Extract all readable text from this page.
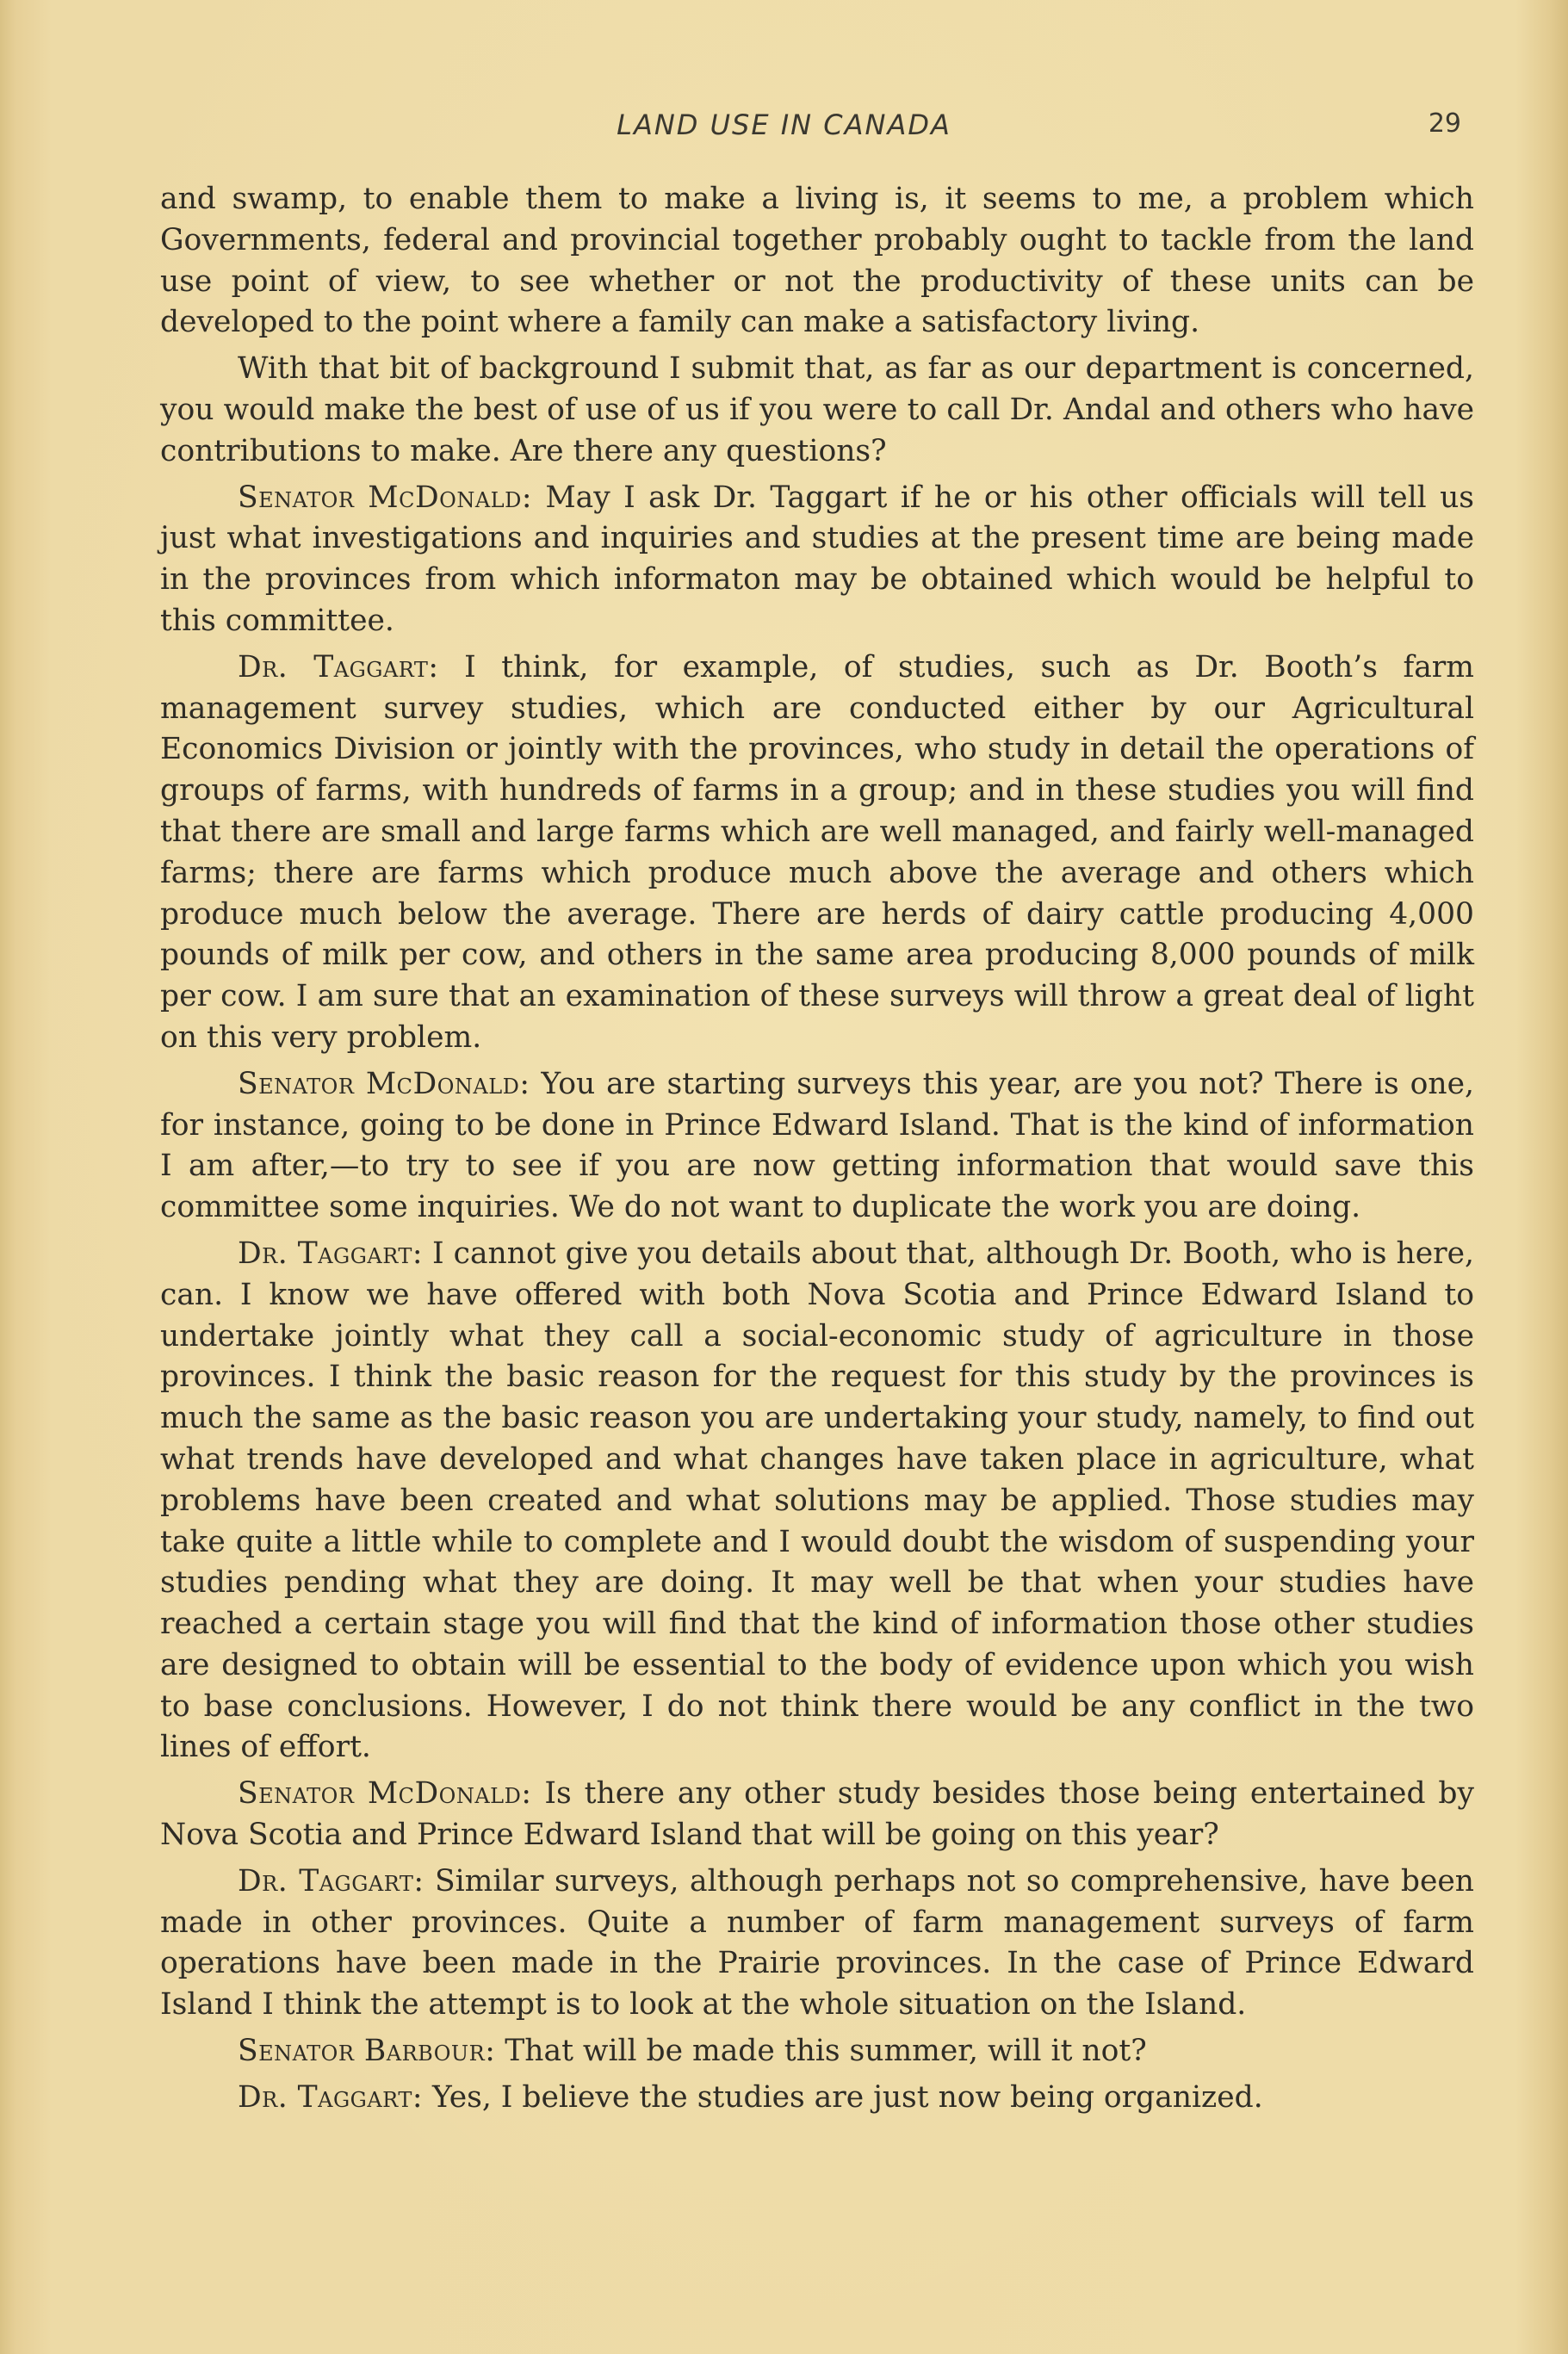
LAND USE IN CANADA	29

and swamp, to enable them to make a living is, it seems to me, a problem which Governments, federal and provincial together probably ought to tackle from the land use point of view, to see whether or not the productivity of these units can be developed to the point where a family can make a satisfactory living.

With that bit of background I submit that, as far as our department is concerned, you would make the best of use of us if you were to call Dr. Andal and others who have contributions to make. Are there any questions?

Senator McDonald: May I ask Dr. Taggart if he or his other officials will tell us just what investigations and inquiries and studies at the present time are being made in the provinces from which informaton may be obtained which would be helpful to this committee.

Dr. Taggart: I think, for example, of studies, such as Dr. Booth’s farm management survey studies, which are conducted either by our Agricultural Economics Division or jointly with the provinces, who study in detail the operations of groups of farms, with hundreds of farms in a group; and in these studies you will find that there are small and large farms which are well managed, and fairly well-managed farms; there are farms which produce much above the average and others which produce much below the average. There are herds of dairy cattle producing 4,000 pounds of milk per cow, and others in the same area producing 8,000 pounds of milk per cow. I am sure that an examination of these surveys will throw a great deal of light on this very problem.

Senator McDonald: You are starting surveys this year, are you not? There is one, for instance, going to be done in Prince Edward Island. That is the kind of information I am after,—to try to see if you are now getting information that would save this committee some inquiries. We do not want to duplicate the work you are doing.

Dr. Taggart: I cannot give you details about that, although Dr. Booth, who is here, can. I know we have offered with both Nova Scotia and Prince Edward Island to undertake jointly what they call a social-economic study of agriculture in those provinces. I think the basic reason for the request for this study by the provinces is much the same as the basic reason you are undertaking your study, namely, to find out what trends have developed and what changes have taken place in agriculture, what problems have been created and what solutions may be applied. Those studies may take quite a little while to complete and I would doubt the wisdom of suspending your studies pending what they are doing. It may well be that when your studies have reached a certain stage you will find that the kind of information those other studies are designed to obtain will be essential to the body of evidence upon which you wish to base conclusions. However, I do not think there would be any conflict in the two lines of effort.

Senator McDonald: Is there any other study besides those being entertained by Nova Scotia and Prince Edward Island that will be going on this year?

Dr. Taggart: Similar surveys, although perhaps not so comprehensive, have been made in other provinces. Quite a number of farm management surveys of farm operations have been made in the Prairie provinces. In the case of Prince Edward Island I think the attempt is to look at the whole situation on the Island.

Senator Barbour: That will be made this summer, will it not?

Dr. Taggart: Yes, I believe the studies are just now being organized.
